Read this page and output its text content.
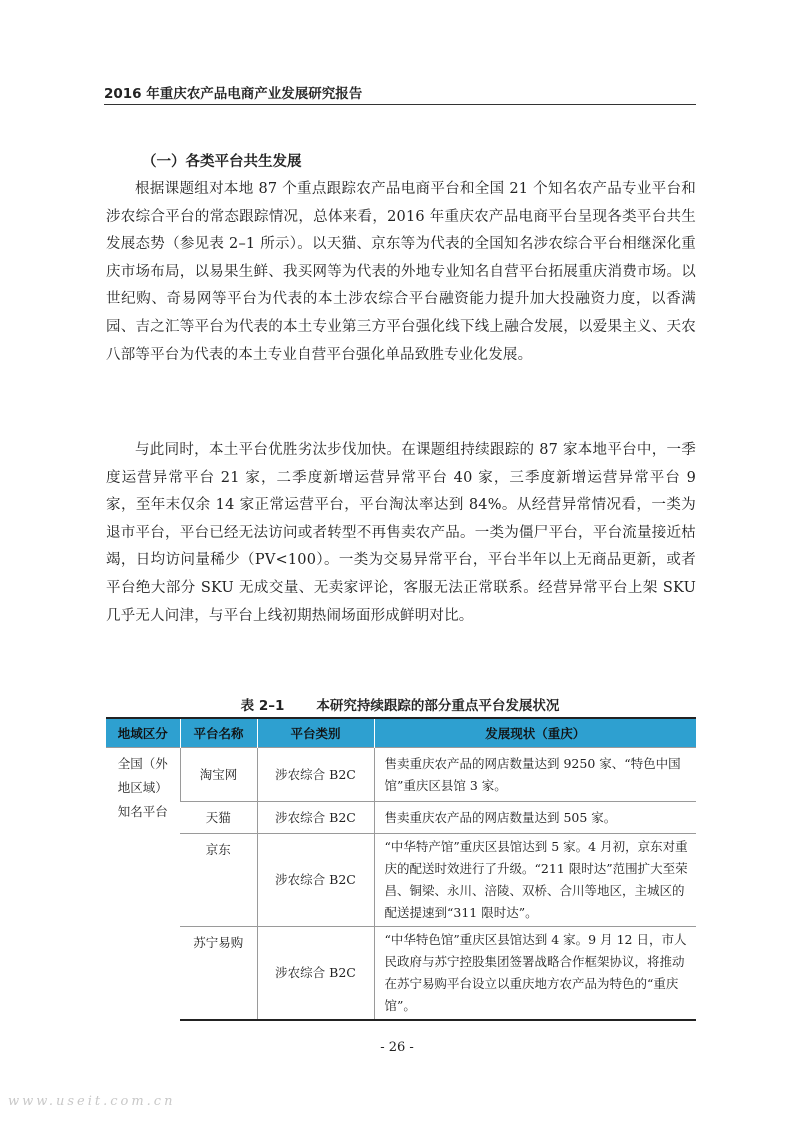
2016 年重庆农产品电商产业发展研究报告
（一）各类平台共生发展

根据课题组对本地 87 个重点跟踪农产品电商平台和全国 21 个知名农产品专业平台和涉农综合平台的常态跟踪情况，总体来看，2016 年重庆农产品电商平台呈现各类平台共生发展态势（参见表 2–1 所示）。以天猫、京东等为代表的全国知名涉农综合平台相继深化重庆市场布局，以易果生鲜、我买网等为代表的外地专业知名自营平台拓展重庆消费市场。以世纪购、奇易网等平台为代表的本土涉农综合平台融资能力提升加大投融资力度，以香满园、吉之汇等平台为代表的本土专业第三方平台强化线下线上融合发展，以爱果主义、天农八部等平台为代表的本土专业自营平台强化单品致胜专业化发展。

与此同时，本土平台优胜劣汰步伐加快。在课题组持续跟踪的 87 家本地平台中，一季度运营异常平台 21 家，二季度新增运营异常平台 40 家，三季度新增运营异常平台 9 家，至年末仅余 14 家正常运营平台，平台淘汰率达到 84%。从经营异常情况看，一类为退市平台，平台已经无法访问或者转型不再售卖农产品。一类为僵尸平台，平台流量接近枯竭，日均访问量稀少（PV<100）。一类为交易异常平台，平台半年以上无商品更新，或者平台绝大部分 SKU 无成交量、无卖家评论，客服无法正常联系。经营异常平台上架 SKU 几乎无人问津，与平台上线初期热闹场面形成鲜明对比。

表 2–1 本研究持续跟踪的部分重点平台发展状况
地域区分	平台名称	平台类别	发展现状（重庆）

全国（外
地区域）
知名平台	淘宝网	涉农综合 B2C	售卖重庆农产品的网店数量达到 9250 家、“特色中国馆”重庆区县馆 3 家。
	天猫	涉农综合 B2C	售卖重庆农产品的网店数量达到 505 家。
	京东	涉农综合 B2C	“中华特产馆”重庆区县馆达到 5 家。4 月初，京东对重庆的配送时效进行了升级。“211 限时达”范围扩大至荣昌、铜梁、永川、涪陵、双桥、合川等地区，主城区的配送提速到“311 限时达”。
	苏宁易购	涉农综合 B2C	“中华特色馆”重庆区县馆达到 4 家。9 月 12 日，市人民政府与苏宁控股集团签署战略合作框架协议，将推动在苏宁易购平台设立以重庆地方农产品为特色的“重庆馆”。
- 26 -
www.useit.com.cn
